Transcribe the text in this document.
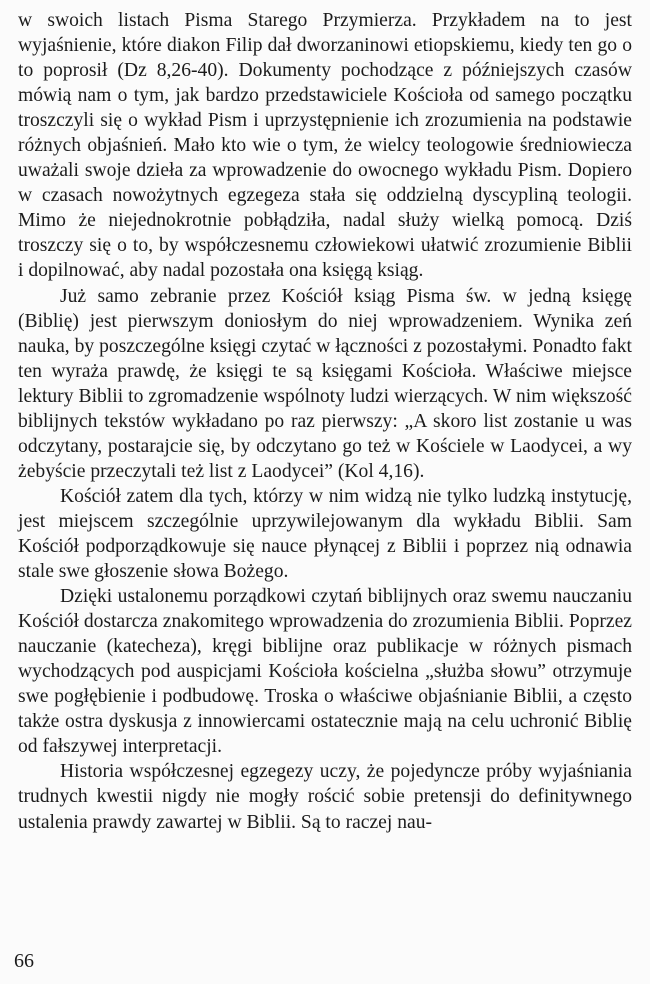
w swoich listach Pisma Starego Przymierza. Przykładem na to jest wyjaśnienie, które diakon Filip dał dworzaninowi etiopskiemu, kiedy ten go o to poprosił (Dz 8,26-40). Dokumenty pochodzące z późniejszych czasów mówią nam o tym, jak bardzo przedstawiciele Kościoła od samego początku troszczyli się o wykład Pism i uprzystępnienie ich zrozumienia na podstawie różnych objaśnień. Mało kto wie o tym, że wielcy teologowie średniowiecza uważali swoje dzieła za wprowadzenie do owocnego wykładu Pism. Dopiero w czasach nowożytnych egzegeza stała się oddzielną dyscypliną teologii. Mimo że niejednokrotnie pobłądziła, nadal służy wielką pomocą. Dziś troszczy się o to, by współczesnemu człowiekowi ułatwić zrozumienie Biblii i dopilnować, aby nadal pozostała ona księgą ksiąg.

Już samo zebranie przez Kościół ksiąg Pisma św. w jedną księgę (Biblię) jest pierwszym doniosłym do niej wprowadzeniem. Wynika zeń nauka, by poszczególne księgi czytać w łączności z pozostałymi. Ponadto fakt ten wyraża prawdę, że księgi te są księgami Kościoła. Właściwe miejsce lektury Biblii to zgromadzenie wspólnoty ludzi wierzących. W nim większość biblijnych tekstów wykładano po raz pierwszy: „A skoro list zostanie u was odczytany, postarajcie się, by odczytano go też w Kościele w Laodycei, a wy żebyście przeczytali też list z Laodycei” (Kol 4,16).

Kościół zatem dla tych, którzy w nim widzą nie tylko ludzką instytucję, jest miejscem szczególnie uprzywilejowanym dla wykładu Biblii. Sam Kościół podporządkowuje się nauce płynącej z Biblii i poprzez nią odnawia stale swe głoszenie słowa Bożego.

Dzięki ustalonemu porządkowi czytań biblijnych oraz swemu nauczaniu Kościół dostarcza znakomitego wprowadzenia do zrozumienia Biblii. Poprzez nauczanie (katecheza), kręgi biblijne oraz publikacje w różnych pismach wychodzących pod auspicjami Kościoła kościelna „służba słowu” otrzymuje swe pogłębienie i podbudowę. Troska o właściwe objaśnianie Biblii, a często także ostra dyskusja z innowiercami ostatecznie mają na celu uchronić Biblię od fałszywej interpretacji.

Historia współczesnej egzegezy uczy, że pojedyncze próby wyjaśniania trudnych kwestii nigdy nie mogły rościć sobie pretensji do definitywnego ustalenia prawdy zawartej w Biblii. Są to raczej nau-

66
